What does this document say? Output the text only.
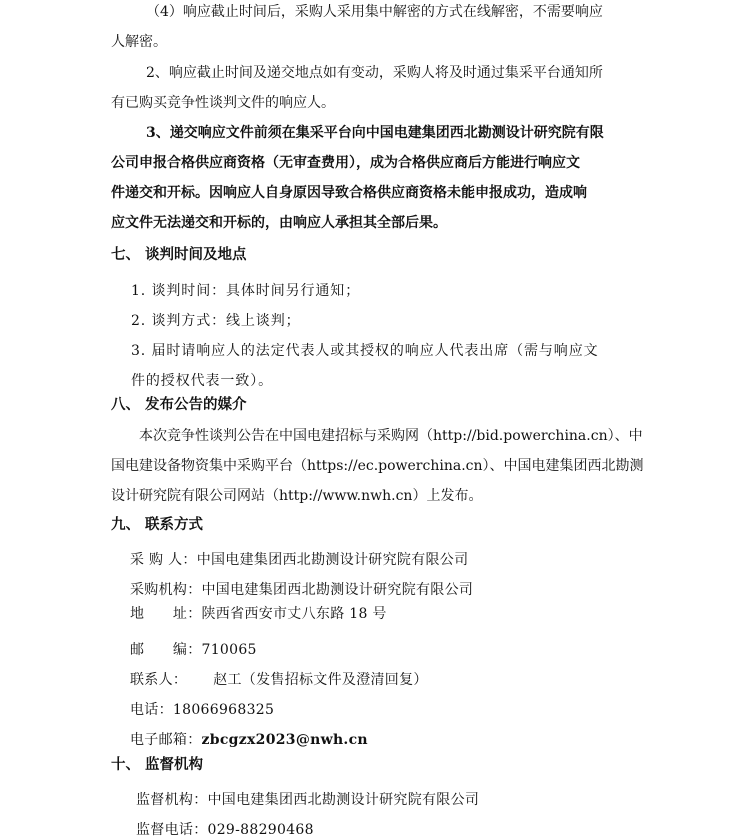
（4）响应截止时间后，采购人采用集中解密的方式在线解密，不需要响应
人解密。
2、响应截止时间及递交地点如有变动，采购人将及时通过集采平台通知所
有已购买竞争性谈判文件的响应人。
3、递交响应文件前须在集采平台向中国电建集团西北勘测设计研究院有限
公司申报合格供应商资格（无审查费用），成为合格供应商后方能进行响应文
件递交和开标。因响应人自身原因导致合格供应商资格未能申报成功，造成响
应文件无法递交和开标的，由响应人承担其全部后果。
七、 谈判时间及地点
1. 谈判时间：具体时间另行通知；
2. 谈判方式：线上谈判；
3. 届时请响应人的法定代表人或其授权的响应人代表出席（需与响应文
件的授权代表一致）。
八、 发布公告的媒介
本次竞争性谈判公告在中国电建招标与采购网（http://bid.powerchina.cn）、中
国电建设备物资集中采购平台（https://ec.powerchina.cn）、中国电建集团西北勘测
设计研究院有限公司网站（http://www.nwh.cn）上发布。
九、 联系方式
采 购 人：中国电建集团西北勘测设计研究院有限公司
采购机构：中国电建集团西北勘测设计研究院有限公司
地　　址：陕西省西安市丈八东路 18 号
邮　　编：710065
联系人： 赵工（发售招标文件及澄清回复）
电话：18066968325
电子邮箱：zbcgzx2023@nwh.cn
十、 监督机构
监督机构：中国电建集团西北勘测设计研究院有限公司
监督电话：029-88290468
